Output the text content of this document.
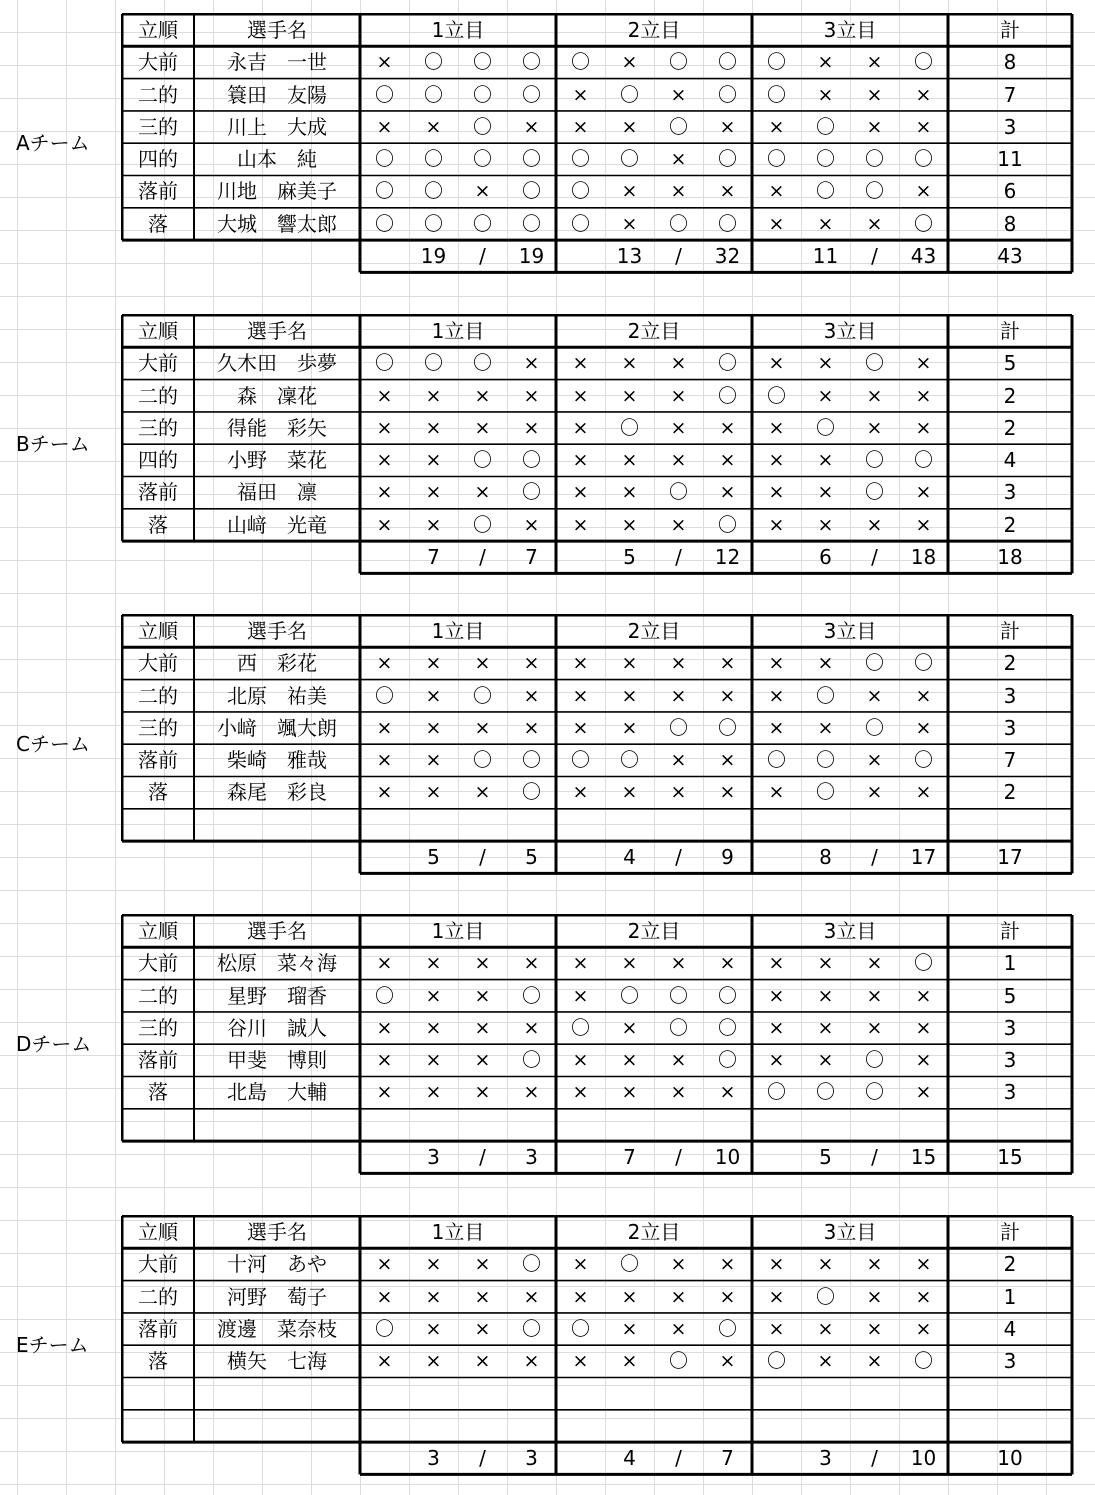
Aチーム
立順	選手名	1立目	2立目	3立目	計
大前	永吉　一世	×	〇	〇	〇	〇	×	〇	〇	〇	×	×	〇	8
二的	簑田　友陽	〇	〇	〇	〇	×	〇	×	〇	〇	×	×	×	7
三的	川上　大成	×	×	〇	×	×	×	〇	×	×	〇	×	×	3
四的	山本　純	〇	〇	〇	〇	〇	〇	×	〇	〇	〇	〇	〇	11
落前	川地　麻美子	〇	〇	×	〇	〇	×	×	×	×	〇	〇	×	6
落	大城　響太郎	〇	〇	〇	〇	〇	×	〇	〇	×	×	×	〇	8
19	/	19	13	/	32	11	/	43	43
Bチーム
立順	選手名	1立目	2立目	3立目	計
大前	久木田　歩夢	〇	〇	〇	×	×	×	×	〇	×	×	〇	×	5
二的	森　凜花	×	×	×	×	×	×	×	〇	〇	×	×	×	2
三的	得能　彩矢	×	×	×	×	×	〇	×	×	×	〇	×	×	2
四的	小野　菜花	×	×	〇	〇	×	×	×	×	×	×	〇	〇	4
落前	福田　凛	×	×	×	〇	×	×	〇	×	×	×	〇	×	3
落	山﨑　光竜	×	×	〇	×	×	×	×	〇	×	×	×	×	2
7	/	7	5	/	12	6	/	18	18
Cチーム
立順	選手名	1立目	2立目	3立目	計
大前	西　彩花	×	×	×	×	×	×	×	×	×	×	〇	〇	2
二的	北原　祐美	〇	×	〇	×	×	×	×	×	×	〇	×	×	3
三的	小﨑　颯大朗	×	×	×	×	×	×	〇	〇	×	×	〇	×	3
落前	柴崎　雅哉	×	×	〇	〇	〇	〇	×	×	〇	〇	×	〇	7
落	森尾　彩良	×	×	×	〇	×	×	×	×	×	〇	×	×	2
5	/	5	4	/	9	8	/	17	17
Dチーム
立順	選手名	1立目	2立目	3立目	計
大前	松原　菜々海	×	×	×	×	×	×	×	×	×	×	×	〇	1
二的	星野　瑠香	〇	×	×	〇	×	〇	〇	〇	×	×	×	×	5
三的	谷川　誠人	×	×	×	×	〇	×	〇	〇	×	×	×	×	3
落前	甲斐　博則	×	×	×	〇	×	×	×	〇	×	×	〇	×	3
落	北島　大輔	×	×	×	×	×	×	×	×	〇	〇	〇	×	3
3	/	3	7	/	10	5	/	15	15
Eチーム
立順	選手名	1立目	2立目	3立目	計
大前	十河　あや	×	×	×	〇	×	〇	×	×	×	×	×	×	2
二的	河野　萄子	×	×	×	×	×	×	×	×	×	〇	×	×	1
落前	渡邊　菜奈枝	〇	×	×	〇	〇	×	×	〇	×	×	×	×	4
落	横矢　七海	×	×	×	×	×	×	〇	×	〇	×	×	〇	3
3	/	3	4	/	7	3	/	10	10
